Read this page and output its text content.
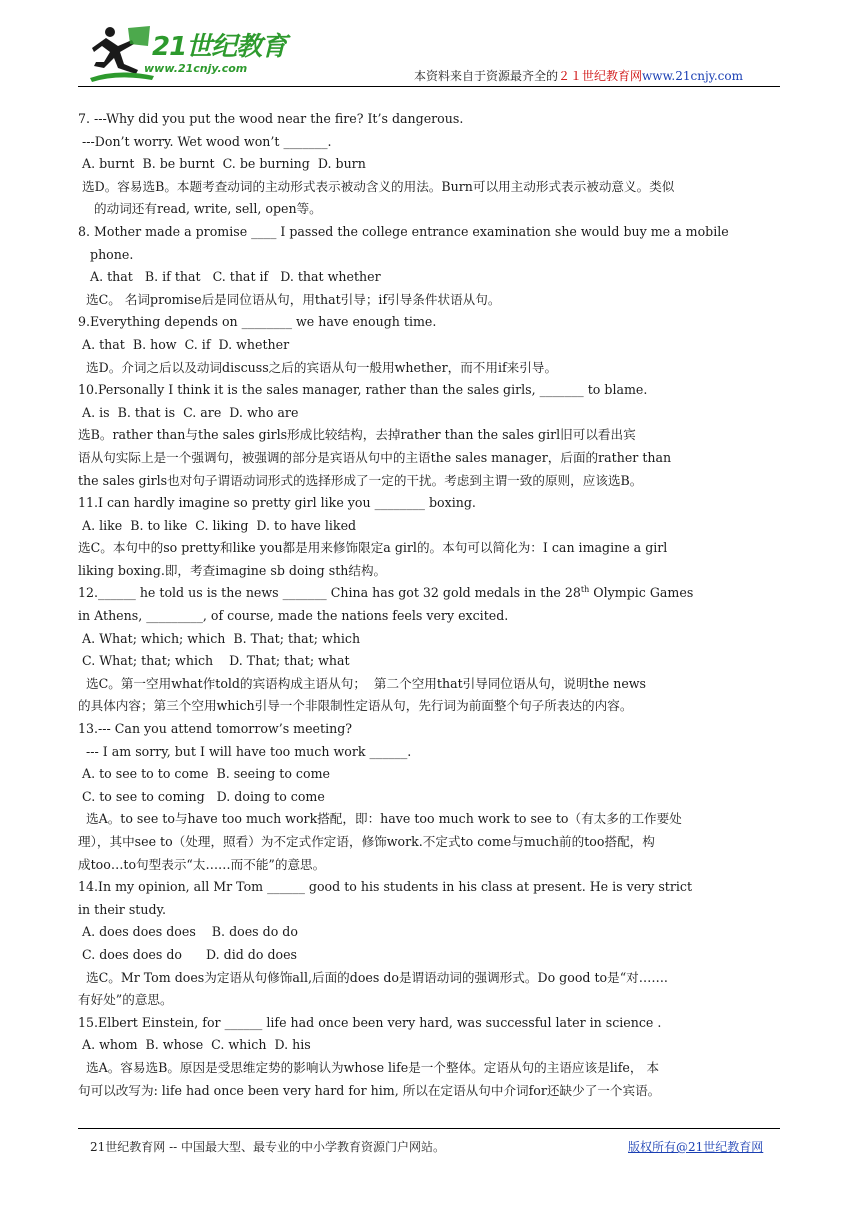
21世纪教育
www.21cnjy.com
本资料来自于资源最齐全的２１世纪教育网www.21cnjy.com
7. ---Why did you put the wood near the fire? It’s dangerous.
---Don’t worry. Wet wood won’t _______.
A. burnt  B. be burnt  C. be burning  D. burn
选D。容易选B。本题考查动词的主动形式表示被动含义的用法。Burn可以用主动形式表示被动意义。类似
的动词还有read, write, sell, open等。
8. Mother made a promise ____ I passed the college entrance examination she would buy me a mobile
phone.
A. that   B. if that   C. that if   D. that whether
选C。 名词promise后是同位语从句，用that引导；if引导条件状语从句。
9.Everything depends on ________ we have enough time.
A. that  B. how  C. if  D. whether
选D。介词之后以及动词discuss之后的宾语从句一般用whether，而不用if来引导。
10.Personally I think it is the sales manager, rather than the sales girls, _______ to blame.
A. is  B. that is  C. are  D. who are
选B。rather than与the sales girls形成比较结构，去掉rather than the sales girl旧可以看出宾
语从句实际上是一个强调句，被强调的部分是宾语从句中的主语the sales manager，后面的rather than
the sales girls也对句子谓语动词形式的选择形成了一定的干扰。考虑到主谓一致的原则，应该选B。
11.I can hardly imagine so pretty girl like you ________ boxing.
A. like  B. to like  C. liking  D. to have liked
选C。本句中的so pretty和like you都是用来修饰限定a girl的。本句可以简化为：I can imagine a girl
liking boxing.即，考查imagine sb doing sth结构。
12.______ he told us is the news _______ China has got 32 gold medals in the 28th Olympic Games
in Athens, _________, of course, made the nations feels very excited.
A. What; which; which  B. That; that; which
C. What; that; which    D. That; that; what
选C。第一空用what作told的宾语构成主语从句；  第二个空用that引导同位语从句，说明the news
的具体内容；第三个空用which引导一个非限制性定语从句，先行词为前面整个句子所表达的内容。
13.--- Can you attend tomorrow’s meeting?
--- I am sorry, but I will have too much work ______.
A. to see to to come  B. seeing to come
C. to see to coming   D. doing to come
选A。to see to与have too much work搭配，即：have too much work to see to（有太多的工作要处
理），其中see to（处理，照看）为不定式作定语，修饰work.不定式to come与much前的too搭配，构
成too…to句型表示“太……而不能”的意思。
14.In my opinion, all Mr Tom ______ good to his students in his class at present. He is very strict
in their study.
A. does does does    B. does do do
C. does does do      D. did do does
选C。Mr Tom does为定语从句修饰all,后面的does do是谓语动词的强调形式。Do good to是“对…….
有好处”的意思。
15.Elbert Einstein, for ______ life had once been very hard, was successful later in science .
A. whom  B. whose  C. which  D. his
选A。容易选B。原因是受思维定势的影响认为whose life是一个整体。定语从句的主语应该是life， 本
句可以改写为: life had once been very hard for him, 所以在定语从句中介词for还缺少了一个宾语。
21世纪教育网 -- 中国最大型、最专业的中小学教育资源门户网站。	版权所有@21世纪教育网
